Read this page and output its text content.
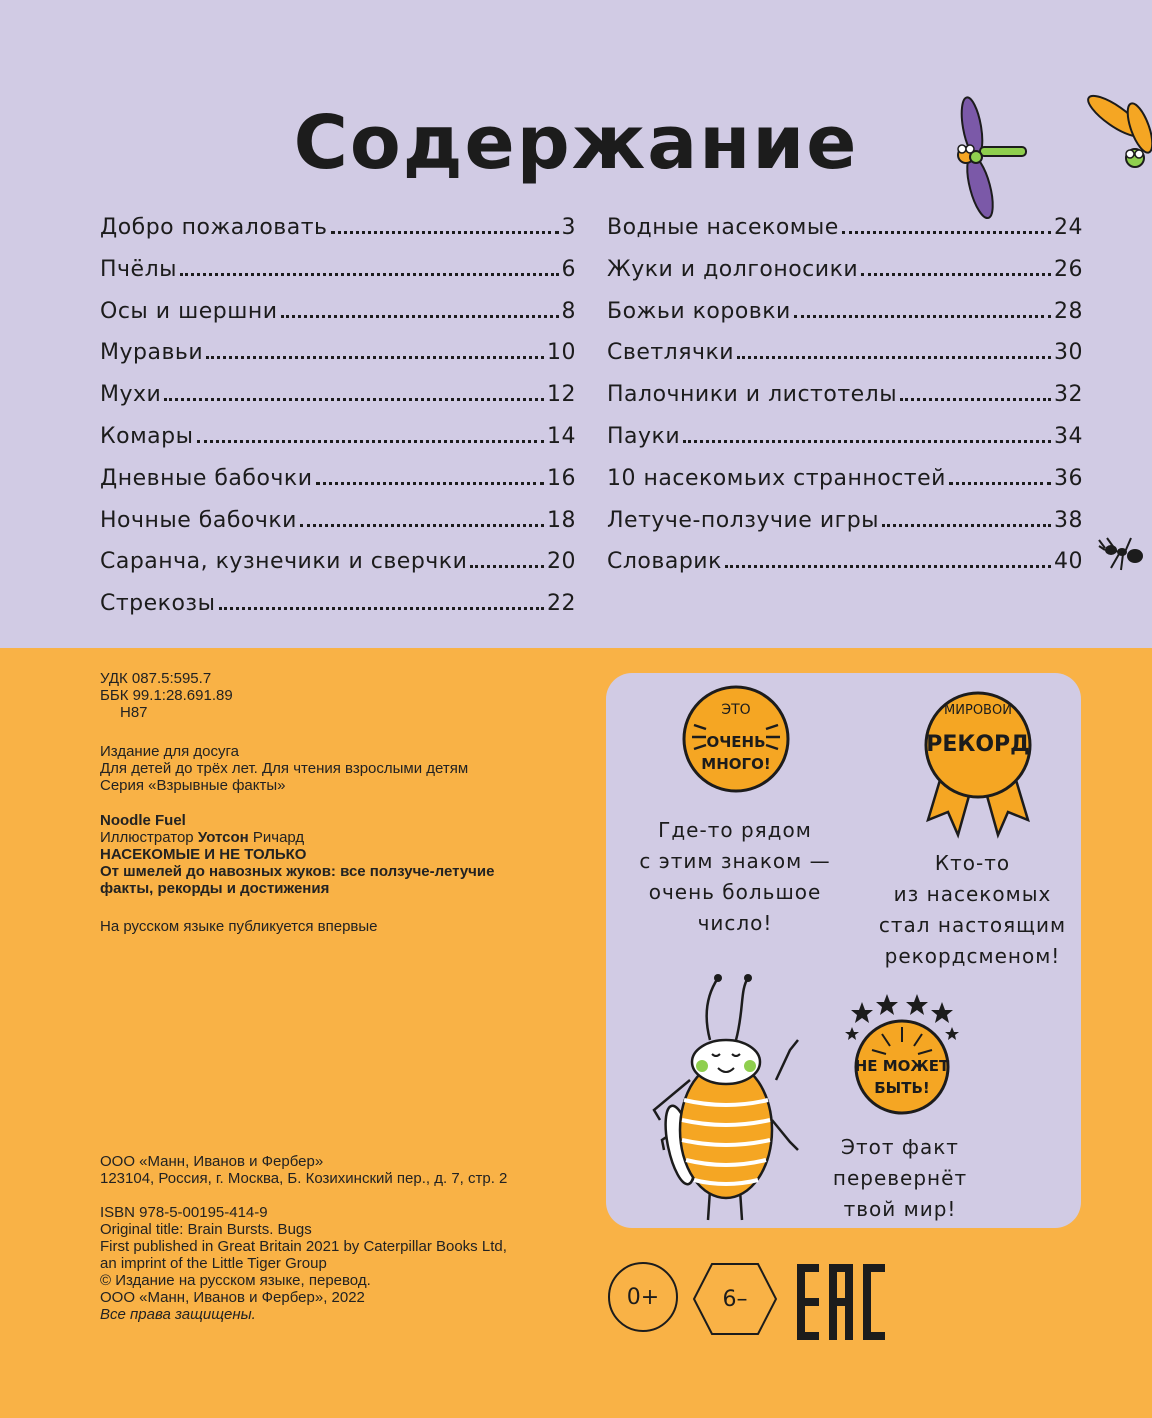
Содержание
Добро пожаловать	3
Пчёлы	6
Осы и шершни	8
Муравьи	10
Мухи	12
Комары	14
Дневные бабочки	16
Ночные бабочки	18
Саранча, кузнечики и сверчки	20
Стрекозы	22
Водные насекомые	24
Жуки и долгоносики	26
Божьи коровки	28
Светлячки	30
Палочники и листотелы	32
Пауки	34
10 насекомьих странностей	36
Летуче-ползучие игры	38
Словарик	40
УДК 087.5:595.7
ББК 99.1:28.691.89
Н87
Издание для досуга
Для детей до трёх лет. Для чтения взрослыми детям
Серия «Взрывные факты»
Noodle Fuel
Иллюстратор Уотсон Ричард
НАСЕКОМЫЕ И НЕ ТОЛЬКО
От шмелей до навозных жуков: все ползуче-летучие
факты, рекорды и достижения
На русском языке публикуется впервые
ООО «Манн, Иванов и Фербер»
123104, Россия, г. Москва, Б. Козихинский пер., д. 7, стр. 2
ISBN 978-5-00195-414-9
Original title: Brain Bursts. Bugs
First published in Great Britain 2021 by Caterpillar Books Ltd,
an imprint of the Little Tiger Group
© Издание на русском языке, перевод.
ООО «Манн, Иванов и Фербер», 2022
Все права защищены.
ЭТО
ОЧЕНЬ
МНОГО!
Где-то рядом
с этим знаком —
очень большое
число!
МИРОВОЙ
РЕКОРД
Кто-то
из насекомых
стал настоящим
рекордсменом!
НЕ МОЖЕТ
БЫТЬ!
Этот факт
перевернёт
твой мир!
0+	6–
